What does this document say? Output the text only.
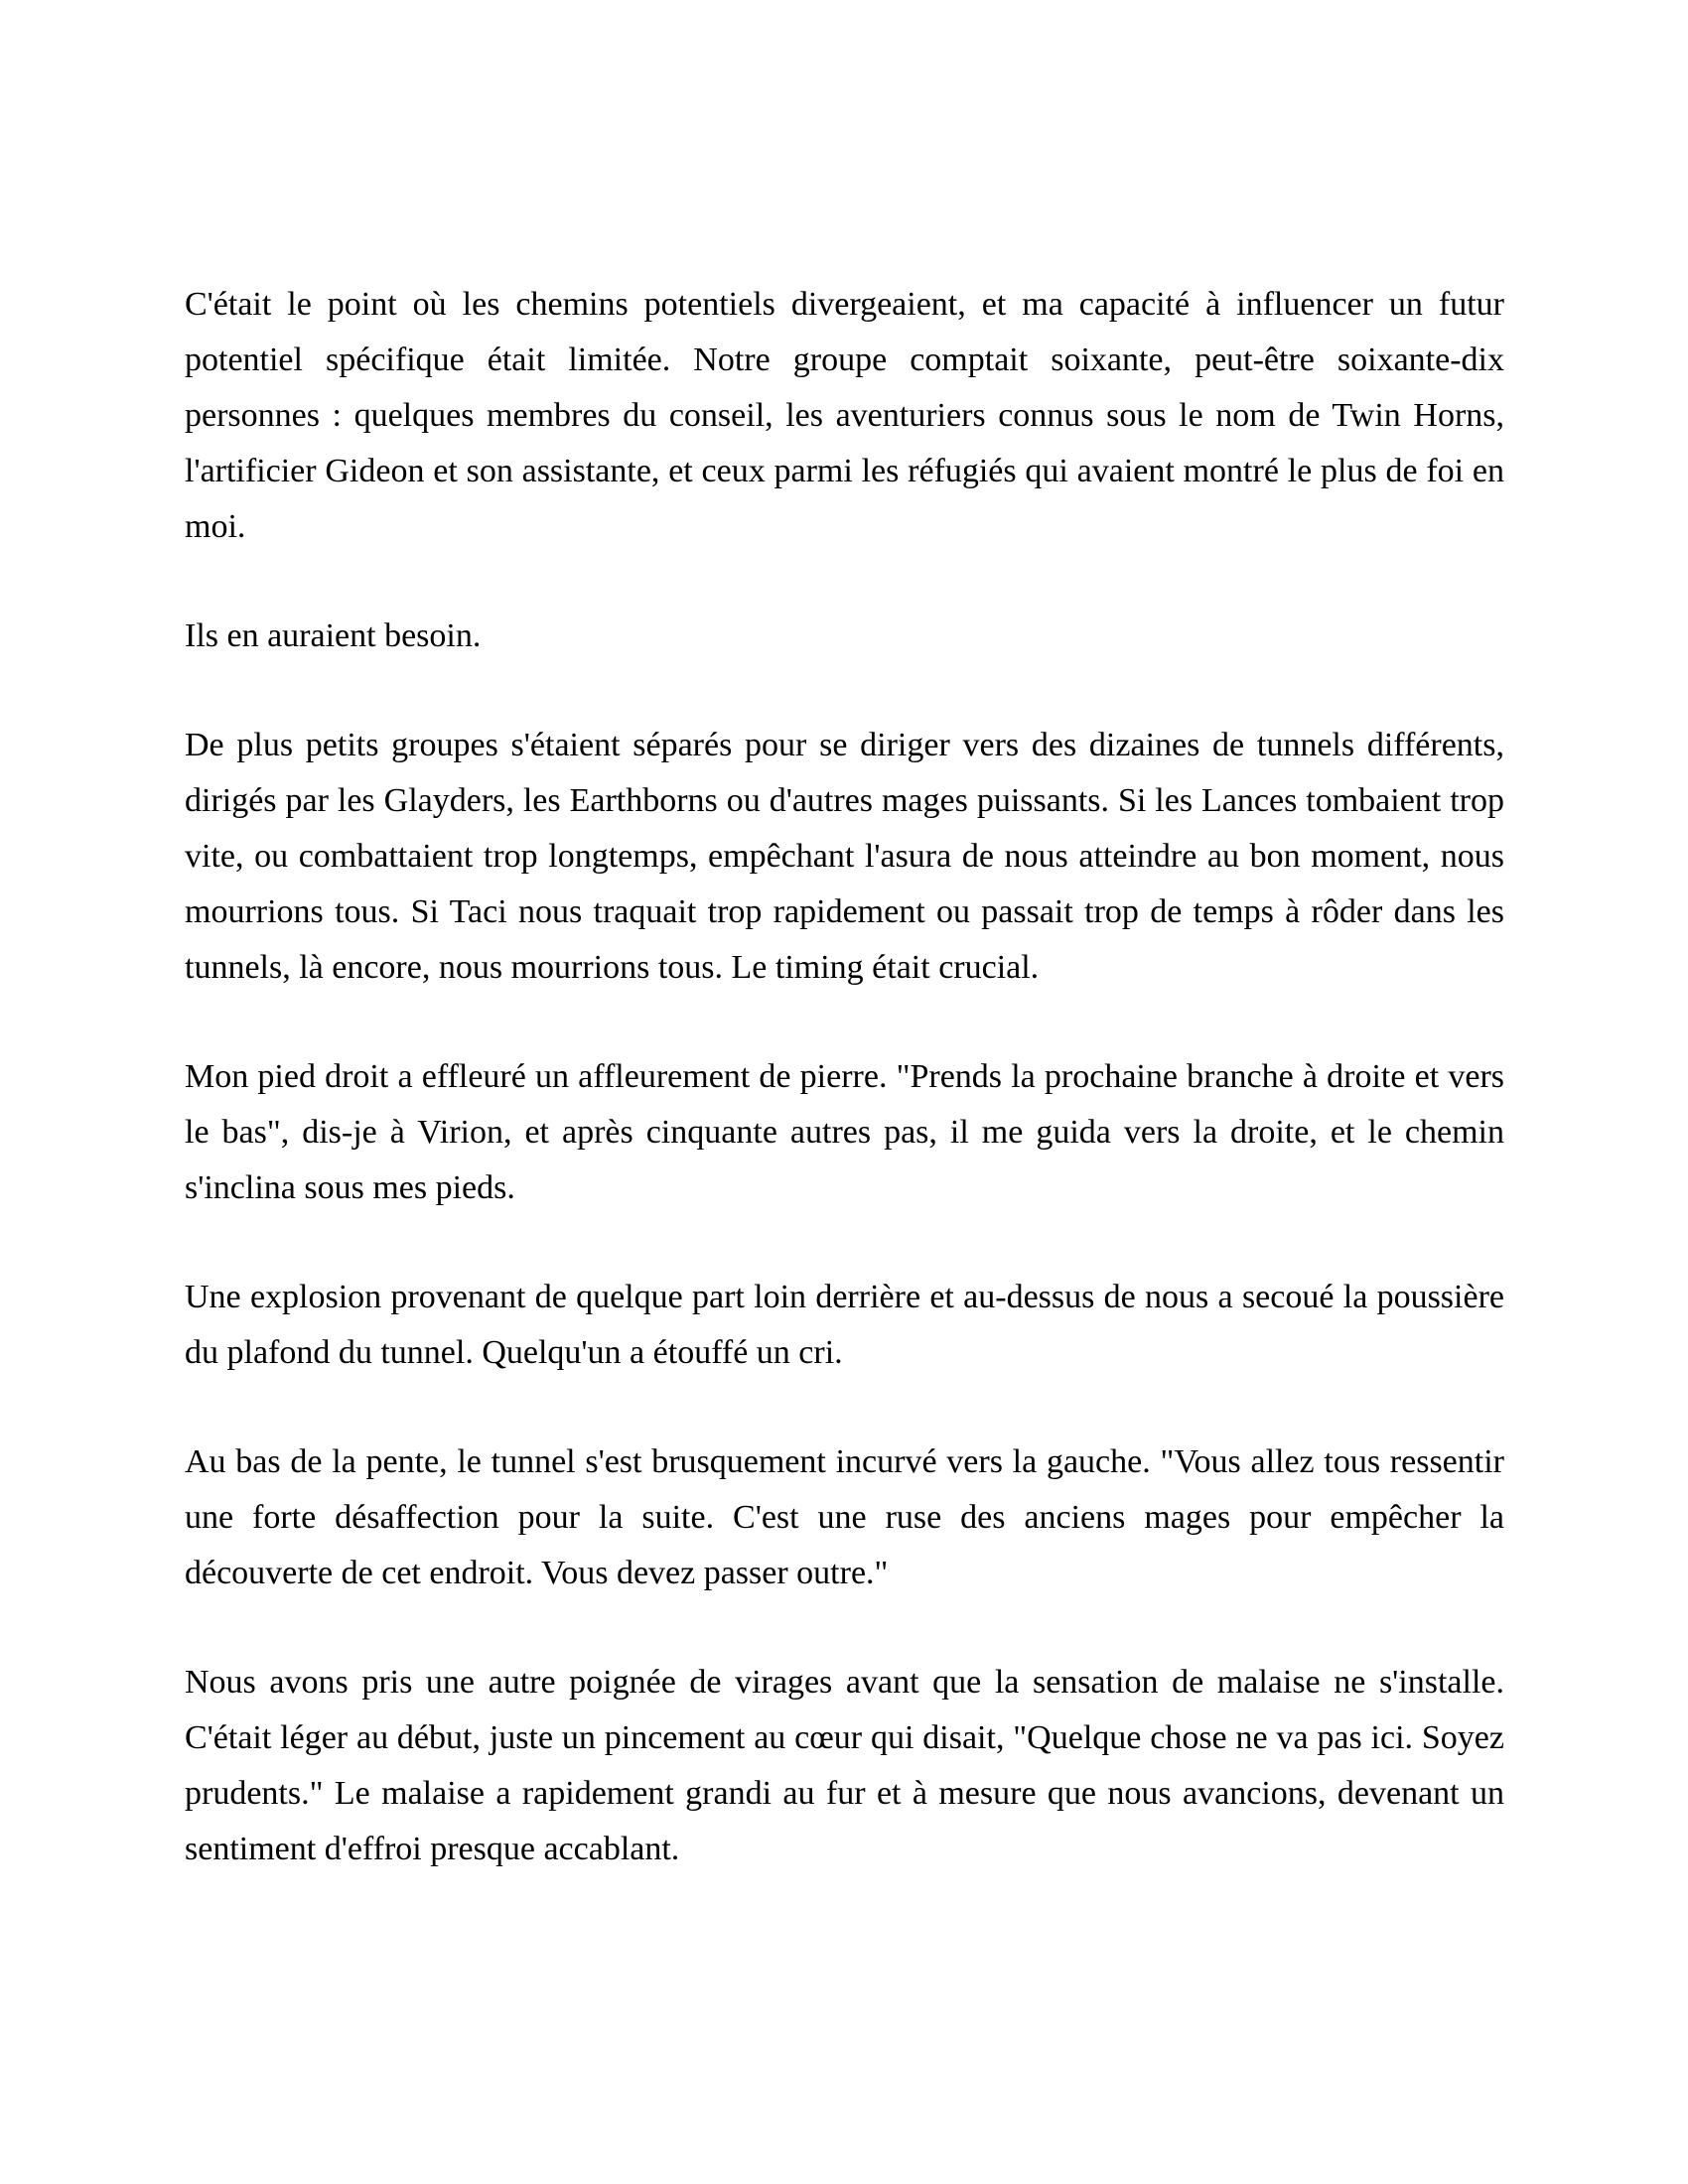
C'était le point où les chemins potentiels divergeaient, et ma capacité à influencer un futur potentiel spécifique était limitée. Notre groupe comptait soixante, peut-être soixante-dix personnes : quelques membres du conseil, les aventuriers connus sous le nom de Twin Horns, l'artificier Gideon et son assistante, et ceux parmi les réfugiés qui avaient montré le plus de foi en moi.

Ils en auraient besoin.

De plus petits groupes s'étaient séparés pour se diriger vers des dizaines de tunnels différents, dirigés par les Glayders, les Earthborns ou d'autres mages puissants. Si les Lances tombaient trop vite, ou combattaient trop longtemps, empêchant l'asura de nous atteindre au bon moment, nous mourrions tous. Si Taci nous traquait trop rapidement ou passait trop de temps à rôder dans les tunnels, là encore, nous mourrions tous. Le timing était crucial.

Mon pied droit a effleuré un affleurement de pierre. "Prends la prochaine branche à droite et vers le bas", dis-je à Virion, et après cinquante autres pas, il me guida vers la droite, et le chemin s'inclina sous mes pieds.

Une explosion provenant de quelque part loin derrière et au-dessus de nous a secoué la poussière du plafond du tunnel. Quelqu'un a étouffé un cri.

Au bas de la pente, le tunnel s'est brusquement incurvé vers la gauche. "Vous allez tous ressentir une forte désaffection pour la suite. C'est une ruse des anciens mages pour empêcher la découverte de cet endroit. Vous devez passer outre."

Nous avons pris une autre poignée de virages avant que la sensation de malaise ne s'installe. C'était léger au début, juste un pincement au cœur qui disait, "Quelque chose ne va pas ici. Soyez prudents." Le malaise a rapidement grandi au fur et à mesure que nous avancions, devenant un sentiment d'effroi presque accablant.
